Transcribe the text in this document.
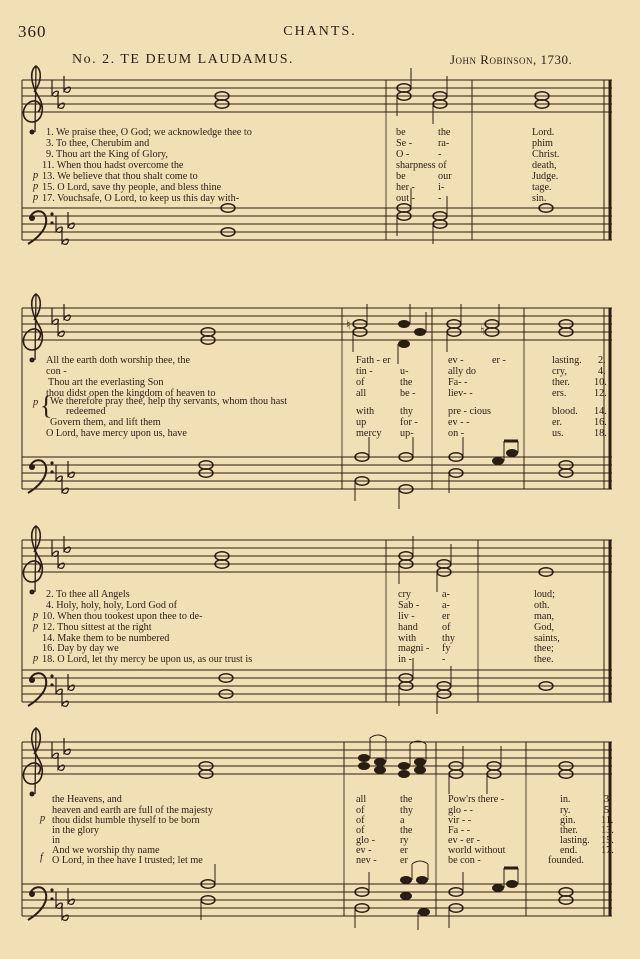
360	CHANTS.
No. 2. TE DEUM LAUDAMUS.	John Robinson, 1730.
♮
♮
p
p
p
1. We praise thee, O God; we acknowledge thee to
3. To thee, Cherubim and
9. Thou art the King of Glory,
11. When thou hadst overcome the
13. We believe that thou shalt come to
15. O Lord, save thy people, and bless thine
17. Vouchsafe, O Lord, to keep us this day with-
be
Se -
O -
sharpness of
be
her -
out -
the
ra-
-
our
i-
-
Lord.
phim
Christ.
death,
Judge.
tage.
sin.
p {
All the earth doth worship thee, the
con -
Thou art the everlasting Son
thou didst open the kingdom of heaven to
We therefore pray thee, help thy servants, whom thou hast
redeemed
Govern them, and lift them
O Lord, have mercy upon us, have
Fath - er
tin -
of
all
with
up
mercy
u-
the
be -
thy
for -
up-
ev -	er -
ally do
Fa- -
liev- -
pre - cious
ev - -
on -
lasting.
cry,
ther.
ers.
blood.
er.
us.
2.
4.
10.
12.
14.
16.
18.
p
p
p
2. To thee all Angels
4. Holy, holy, holy, Lord God of
10. When thou tookest upon thee to de-
12. Thou sittest at the right
14. Make them to be numbered
16. Day by day we
18. O Lord, let thy mercy be upon us, as our trust is
cry
Sab -
liv -
hand
with
magni -
in -
a-
a-
er
of
thy
fy
-
loud;
oth.
man,
God,
saints,
thee;
thee.
p
f
the Heavens, and
heaven and earth are full of the majesty
thou didst humble thyself to be born
in the glory
in
And we worship thy name
O Lord, in thee have I trusted; let me
all
of
of
of
glo -
ev -
nev -
the
thy
a
the
ry
er
er
Pow'rs there -
glo - -
vir - -
Fa - -
ev - er -
world without
be con -
in.
ry.
gin.
ther.
lasting.
end.
founded.
3.
5.
11.
13.
15.
17.
